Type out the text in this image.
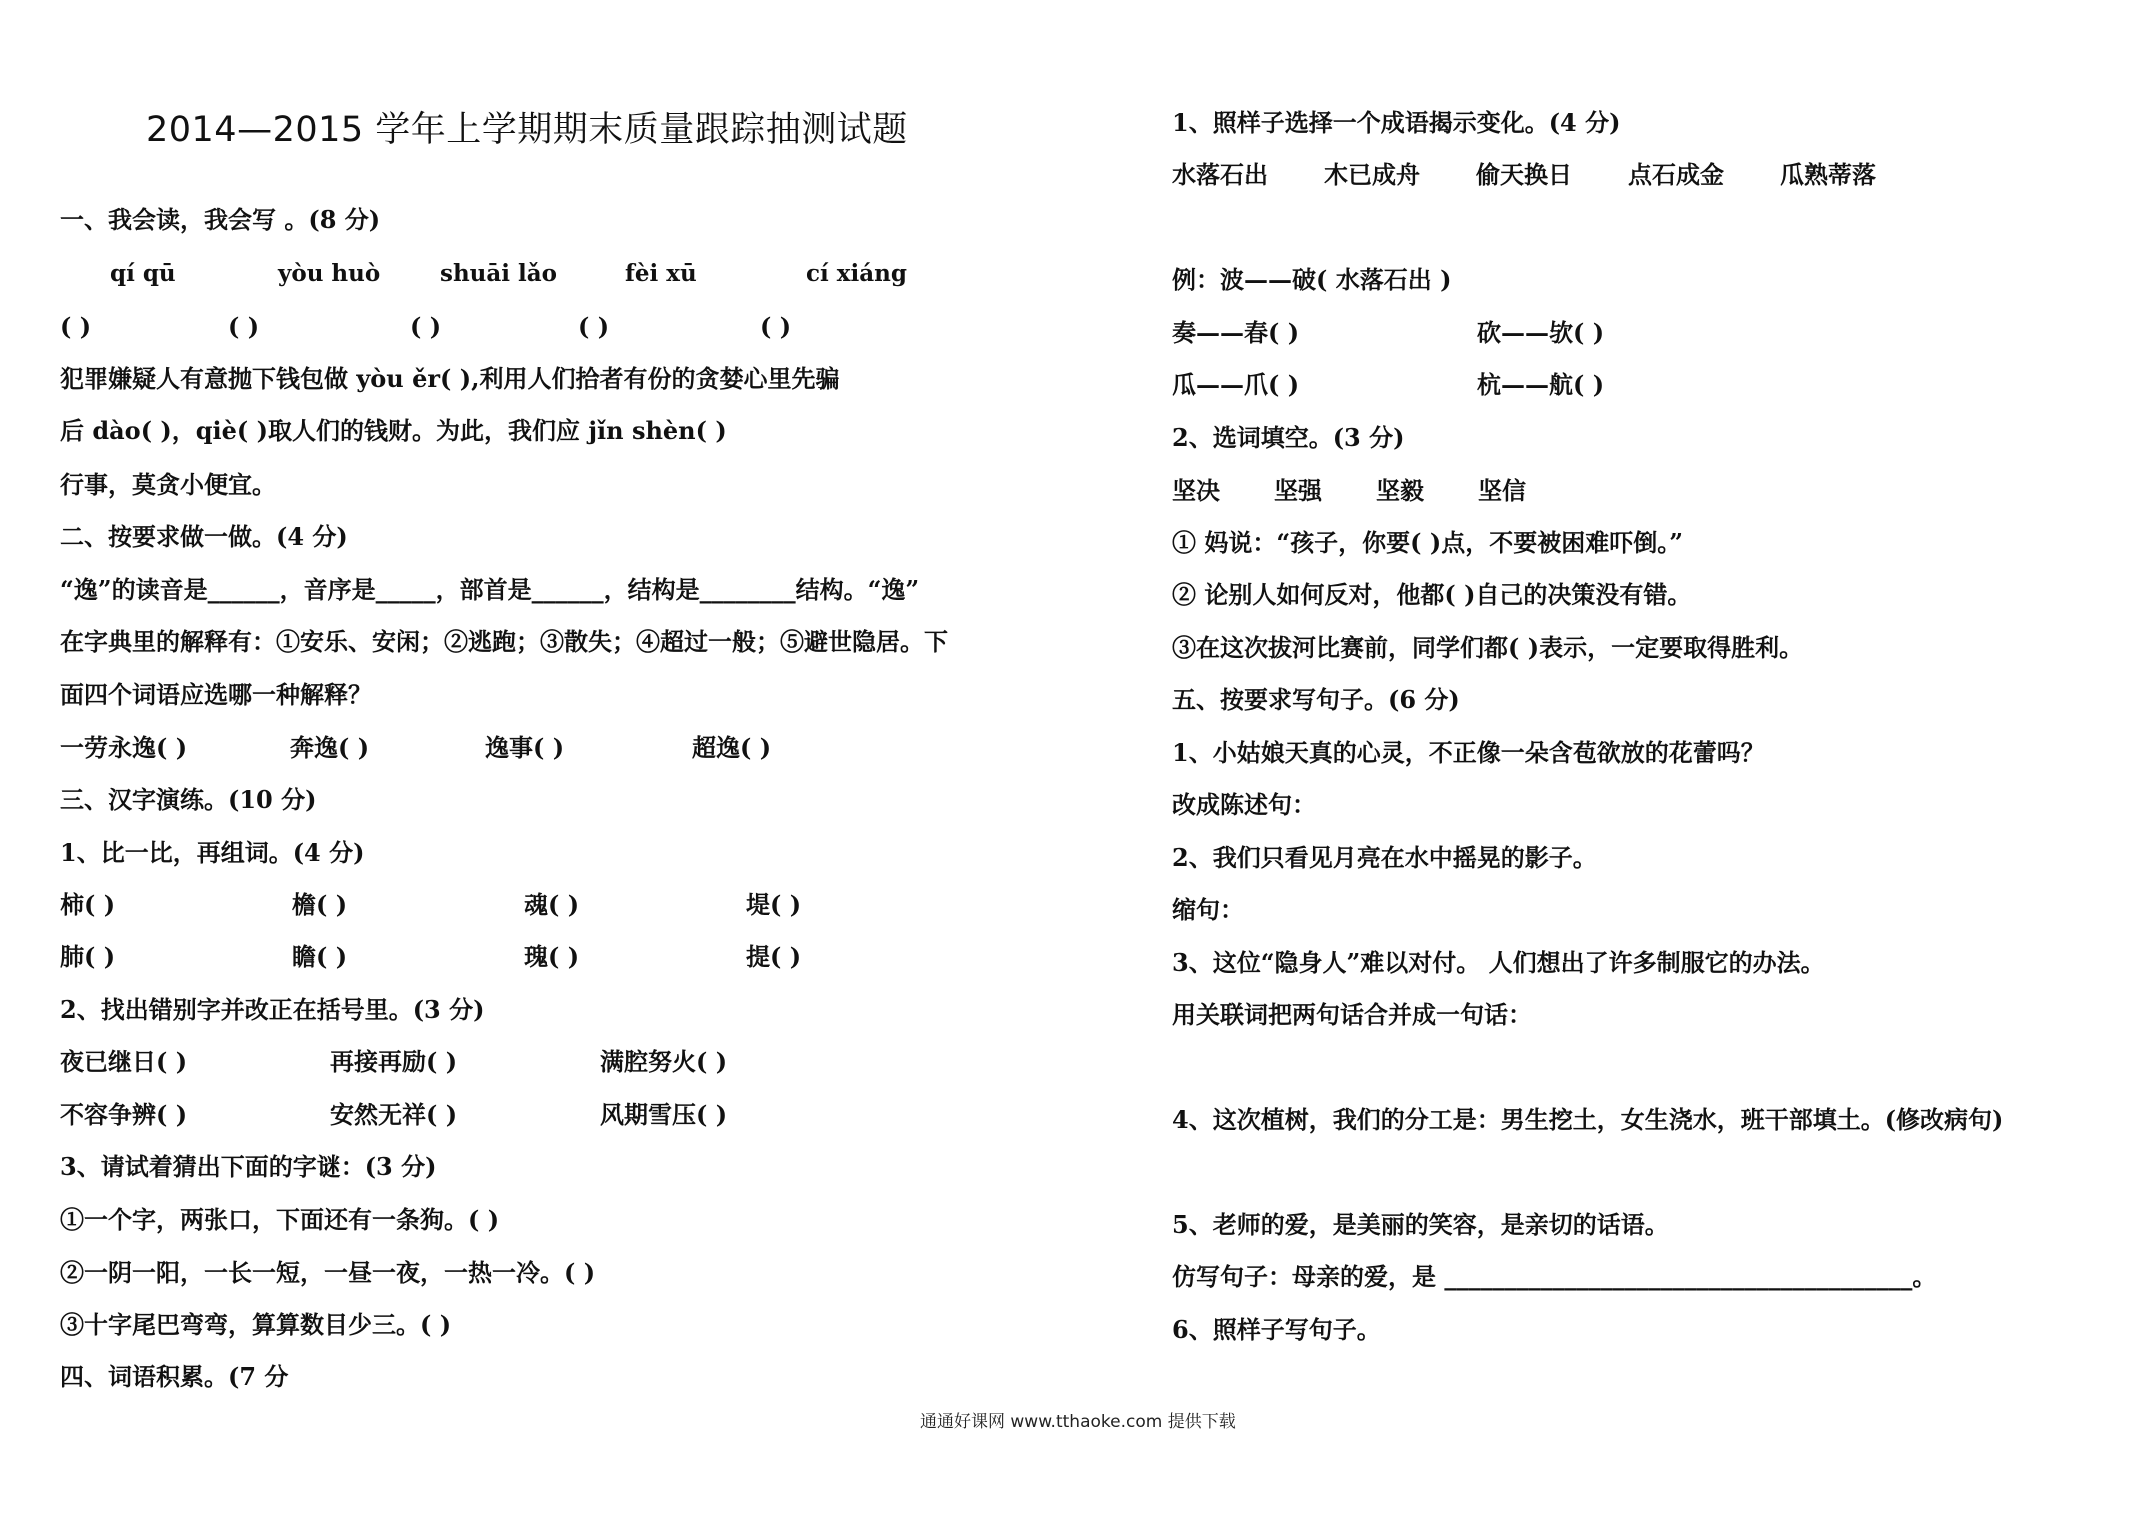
2014—2015 学年上学期期末质量跟踪抽测试题
一、我会读，我会写 。(8 分)
qí qū	yòu huò	shuāi lǎo	fèi xū	cí xiáng
( )	( )	( )	( )	( )
犯罪嫌疑人有意抛下钱包做 yòu ěr( ),利用人们拾者有份的贪婪心里先骗
后 dào( )，qiè( )取人们的钱财。为此，我们应 jǐn shèn( )
行事，莫贪小便宜。
二、按要求做一做。(4 分)
“逸”的读音是______，音序是_____，部首是______，结构是________结构。“逸”
在字典里的解释有：①安乐、安闲；②逃跑；③散失；④超过一般；⑤避世隐居。下
面四个词语应选哪一种解释？
一劳永逸( )	奔逸( )	逸事( )	超逸( )
三、汉字演练。(10 分)
1、比一比，再组词。(4 分)
柿( )	檐( )	魂( )	堤( )
肺( )	瞻( )	瑰( )	提( )
2、找出错别字并改正在括号里。(3 分)
夜已继日( )	再接再励( )	满腔努火( )
不容争辨( )	安然无祥( )	风期雪压( )
3、请试着猜出下面的字谜：(3 分)
①一个字，两张口，下面还有一条狗。( )
②一阴一阳，一长一短，一昼一夜，一热一冷。( )
③十字尾巴弯弯，算算数目少三。( )
四、词语积累。(7 分
1、照样子选择一个成语揭示变化。(4 分)
水落石出 木已成舟 偷天换日 点石成金 瓜熟蒂落
例：波——破( 水落石出 )
奏——春( )	砍——欤( )
瓜——爪( )	杭——航( )
2、选词填空。(3 分)
坚决 坚强 坚毅 坚信
① 妈说：“孩子，你要( )点，不要被困难吓倒。”
② 论别人如何反对，他都( )自己的决策没有错。
③在这次拔河比赛前，同学们都( )表示，一定要取得胜利。
五、按要求写句子。(6 分)
1、小姑娘天真的心灵，不正像一朵含苞欲放的花蕾吗？
改成陈述句：
2、我们只看见月亮在水中摇晃的影子。
缩句：
3、这位“隐身人”难以对付。 人们想出了许多制服它的办法。
用关联词把两句话合并成一句话：
4、这次植树，我们的分工是：男生挖土，女生浇水，班干部填土。(修改病句)
5、老师的爱，是美丽的笑容，是亲切的话语。
仿写句子：母亲的爱，是 _______________________________________。
6、照样子写句子。
通通好课网 www.tthaoke.com 提供下载
